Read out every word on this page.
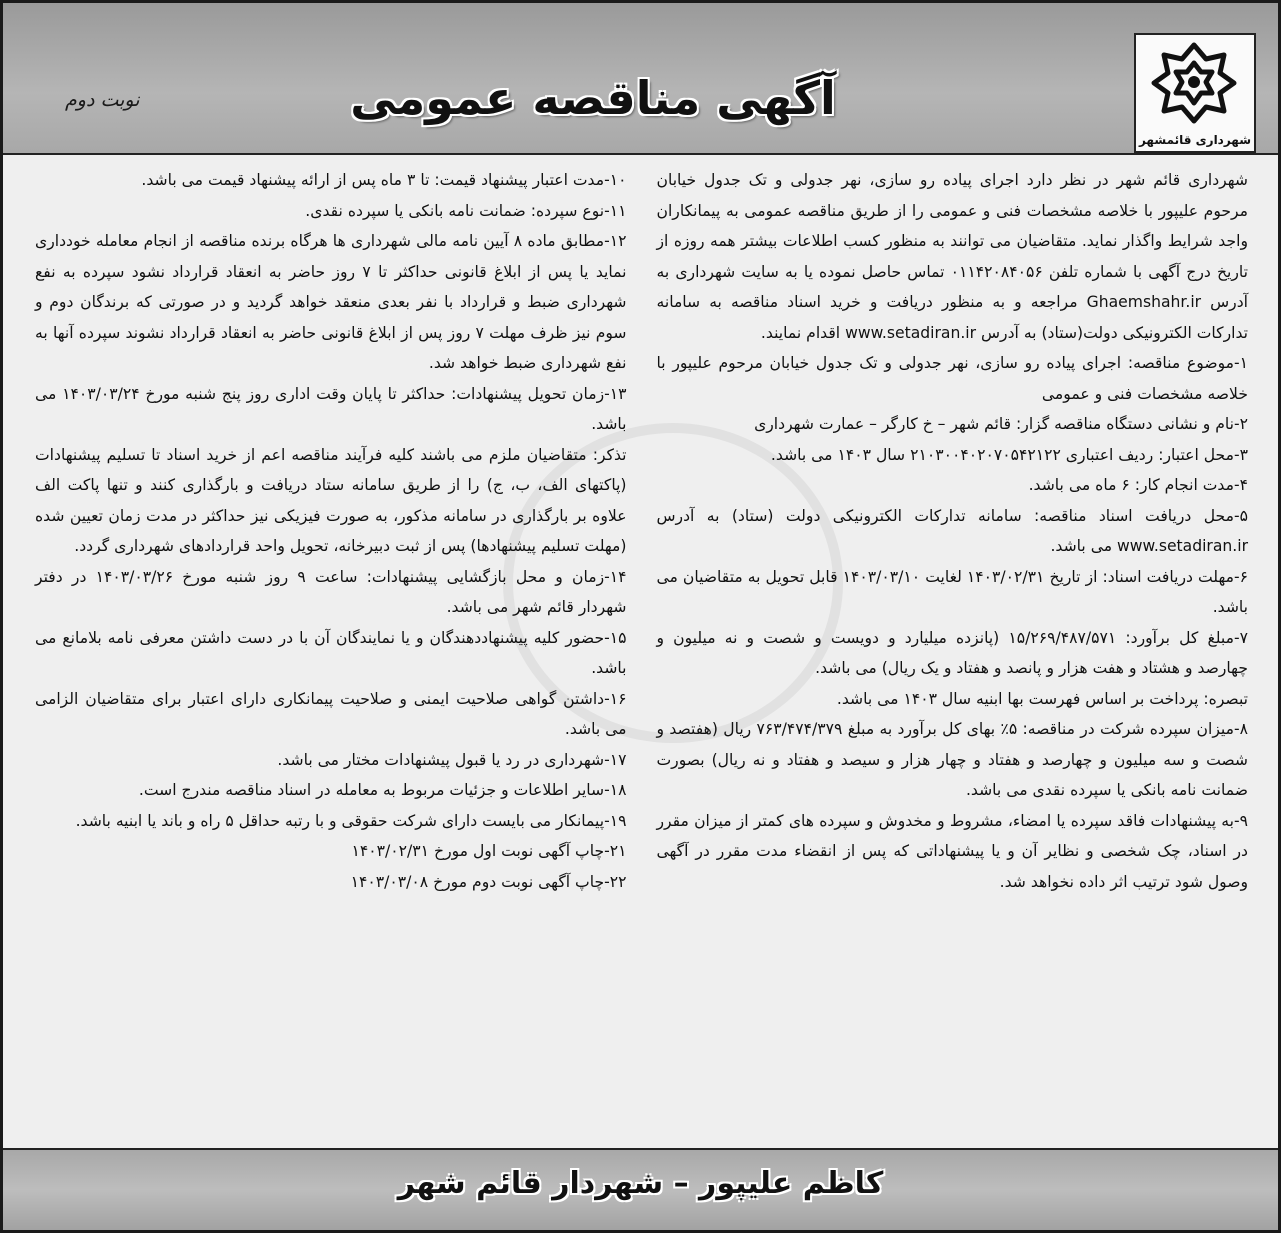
شهرداری قائمشهر
آگهی مناقصه عمومی
نوبت دوم

شهرداری قائم شهر در نظر دارد اجرای پیاده رو سازی، نهر جدولی و تک جدول خیابان مرحوم علیپور با خلاصه مشخصات فنی و عمومی را از طریق مناقصه عمومی به پیمانکاران واجد شرایط واگذار نماید. متقاضیان می توانند به منظور کسب اطلاعات بیشتر همه روزه از تاریخ درج آگهی با شماره تلفن ۰۱۱۴۲۰۸۴۰۵۶ تماس حاصل نموده یا به سایت شهرداری به آدرس Ghaemshahr.ir مراجعه و به منظور دریافت و خرید اسناد مناقصه به سامانه تدارکات الکترونیکی دولت(ستاد) به آدرس www.setadiran.ir اقدام نمایند.

۱-موضوع مناقصه: اجرای پیاده رو سازی، نهر جدولی و تک جدول خیابان مرحوم علیپور با خلاصه مشخصات فنی و عمومی

۲-نام و نشانی دستگاه مناقصه گزار: قائم شهر – خ کارگر – عمارت شهرداری

۳-محل اعتبار: ردیف اعتباری ۲۱۰۳۰۰۴۰۲۰۷۰۵۴۲۱۲۲ سال ۱۴۰۳ می باشد.

۴-مدت انجام کار: ۶ ماه می باشد.

۵-محل دریافت اسناد مناقصه: سامانه تدارکات الکترونیکی دولت (ستاد) به آدرس www.setadiran.ir می باشد.

۶-مهلت دریافت اسناد: از تاریخ ۱۴۰۳/۰۲/۳۱ لغایت ۱۴۰۳/۰۳/۱۰ قابل تحویل به متقاضیان می باشد.

۷-مبلغ کل برآورد: ۱۵/۲۶۹/۴۸۷/۵۷۱ (پانزده میلیارد و دویست و شصت و نه میلیون و چهارصد و هشتاد و هفت هزار و پانصد و هفتاد و یک ریال) می باشد.

تبصره: پرداخت بر اساس فهرست بها ابنیه سال ۱۴۰۳ می باشد.

۸-میزان سپرده شرکت در مناقصه: ۵٪ بهای کل برآورد به مبلغ ۷۶۳/۴۷۴/۳۷۹ ریال (هفتصد و شصت و سه میلیون و چهارصد و هفتاد و چهار هزار و سیصد و هفتاد و نه ریال) بصورت ضمانت نامه بانکی یا سپرده نقدی می باشد.

۹-به پیشنهادات فاقد سپرده یا امضاء، مشروط و مخدوش و سپرده های کمتر از میزان مقرر در اسناد، چک شخصی و نظایر آن و یا پیشنهاداتی که پس از انقضاء مدت مقرر در آگهی وصول شود ترتیب اثر داده نخواهد شد.

۱۰-مدت اعتبار پیشنهاد قیمت: تا ۳ ماه پس از ارائه پیشنهاد قیمت می باشد.

۱۱-نوع سپرده: ضمانت نامه بانکی یا سپرده نقدی.

۱۲-مطابق ماده ۸ آیین نامه مالی شهرداری ها هرگاه برنده مناقصه از انجام معامله خودداری نماید یا پس از ابلاغ قانونی حداکثر تا ۷ روز حاضر به انعقاد قرارداد نشود سپرده به نفع شهرداری ضبط و قرارداد با نفر بعدی منعقد خواهد گردید و در صورتی که برندگان دوم و سوم نیز ظرف مهلت ۷ روز پس از ابلاغ قانونی حاضر به انعقاد قرارداد نشوند سپرده آنها به نفع شهرداری ضبط خواهد شد.

۱۳-زمان تحویل پیشنهادات: حداکثر تا پایان وقت اداری روز پنج شنبه مورخ ۱۴۰۳/۰۳/۲۴ می باشد.

تذکر: متقاضیان ملزم می باشند کلیه فرآیند مناقصه اعم از خرید اسناد تا تسلیم پیشنهادات (پاکتهای الف، ب، ج) را از طریق سامانه ستاد دریافت و بارگذاری کنند و تنها پاکت الف علاوه بر بارگذاری در سامانه مذکور، به صورت فیزیکی نیز حداکثر در مدت زمان تعیین شده (مهلت تسلیم پیشنهادها) پس از ثبت دبیرخانه، تحویل واحد قراردادهای شهرداری گردد.

۱۴-زمان و محل بازگشایی پیشنهادات: ساعت ۹ روز شنبه مورخ ۱۴۰۳/۰۳/۲۶ در دفتر شهردار قائم شهر می باشد.

۱۵-حضور کلیه پیشنهاددهندگان و یا نمایندگان آن با در دست داشتن معرفی نامه بلامانع می باشد.

۱۶-داشتن گواهی صلاحیت ایمنی و صلاحیت پیمانکاری دارای اعتبار برای متقاضیان الزامی می باشد.

۱۷-شهرداری در رد یا قبول پیشنهادات مختار می باشد.

۱۸-سایر اطلاعات و جزئیات مربوط به معامله در اسناد مناقصه مندرج است.

۱۹-پیمانکار می بایست دارای شرکت حقوقی و با رتبه حداقل ۵ راه و باند یا ابنیه باشد.

۲۱-چاپ آگهی نوبت اول مورخ ۱۴۰۳/۰۲/۳۱

۲۲-چاپ آگهی نوبت دوم مورخ ۱۴۰۳/۰۳/۰۸

کاظم علیپور – شهردار قائم شهر
